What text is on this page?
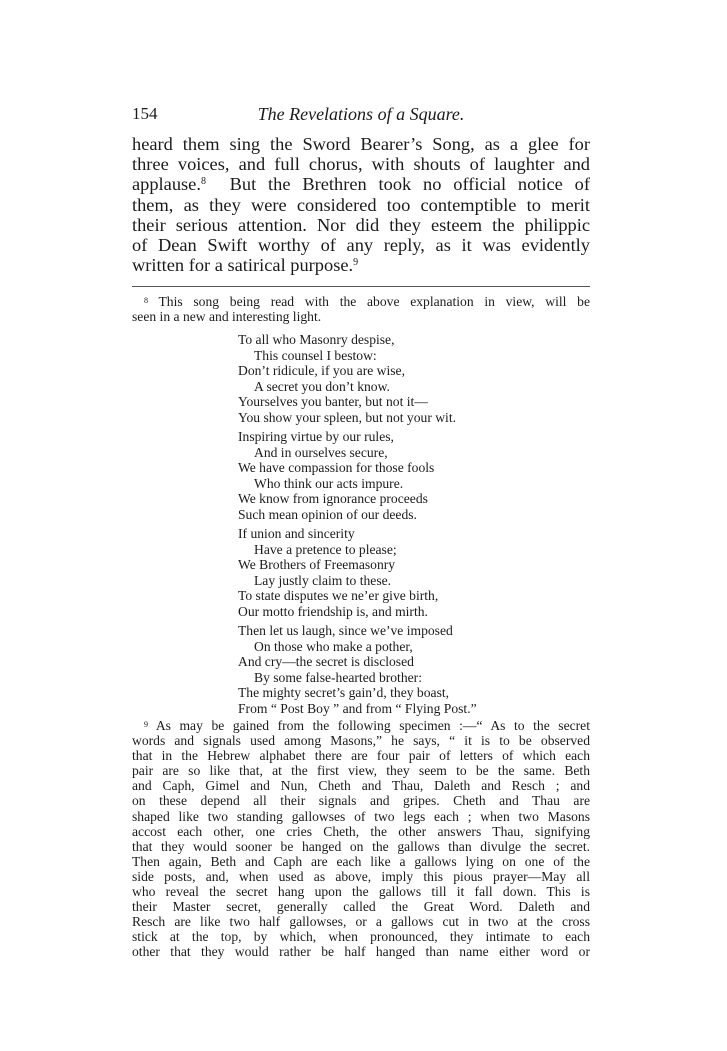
154	The Revelations of a Square.
heard them sing the Sword Bearer’s Song, as a glee for
three voices, and full chorus, with shouts of laughter and
applause.$^8$  But the Brethren took no official notice of
them, as they were considered too contemptible to merit
their serious attention. Nor did they esteem the philippic
of Dean Swift worthy of any reply, as it was evidently
written for a satirical purpose.$^9$
$^8$ This song being read with the above explanation in view, will be
seen in a new and interesting light.
To all who Masonry despise,
This counsel I bestow:
Don’t ridicule, if you are wise,
A secret you don’t know.
Yourselves you banter, but not it—
You show your spleen, but not your wit.
Inspiring virtue by our rules,
And in ourselves secure,
We have compassion for those fools
Who think our acts impure.
We know from ignorance proceeds
Such mean opinion of our deeds.
If union and sincerity
Have a pretence to please;
We Brothers of Freemasonry
Lay justly claim to these.
To state disputes we ne’er give birth,
Our motto friendship is, and mirth.
Then let us laugh, since we’ve imposed
On those who make a pother,
And cry—the secret is disclosed
By some false-hearted brother:
The mighty secret’s gain’d, they boast,
From “ Post Boy ” and from “ Flying Post.”
$^9$ As may be gained from the following specimen :—“ As to the secret
words and signals used among Masons,” he says, “ it is to be observed
that in the Hebrew alphabet there are four pair of letters of which each
pair are so like that, at the first view, they seem to be the same. Beth
and Caph, Gimel and Nun, Cheth and Thau, Daleth and Resch ; and
on these depend all their signals and gripes. Cheth and Thau are
shaped like two standing gallowses of two legs each ; when two Masons
accost each other, one cries Cheth, the other answers Thau, signifying
that they would sooner be hanged on the gallows than divulge the secret.
Then again, Beth and Caph are each like a gallows lying on one of the
side posts, and, when used as above, imply this pious prayer—May all
who reveal the secret hang upon the gallows till it fall down. This is
their Master secret, generally called the Great Word. Daleth and
Resch are like two half gallowses, or a gallows cut in two at the cross
stick at the top, by which, when pronounced, they intimate to each
other that they would rather be half hanged than name either word or
